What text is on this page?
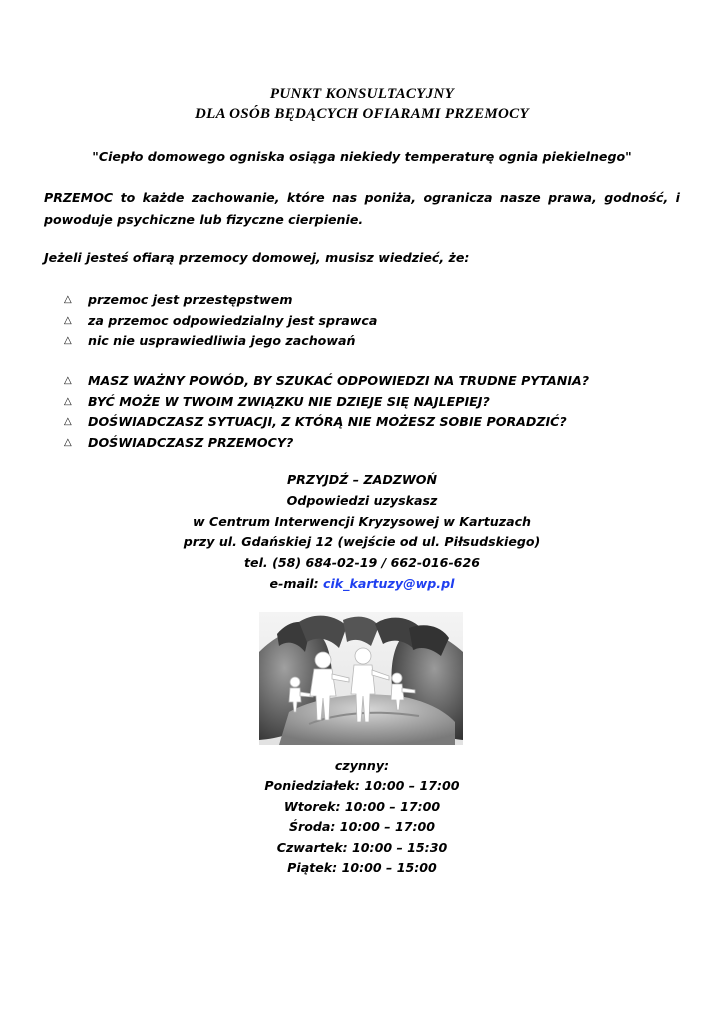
PUNKT KONSULTACYJNY
DLA OSÓB BĘDĄCYCH OFIARAMI PRZEMOCY
"Ciepło domowego ogniska osiąga niekiedy temperaturę ognia piekielnego"
PRZEMOC to każde zachowanie, które nas poniża, ogranicza nasze prawa, godność, i powoduje psychiczne lub fizyczne cierpienie.
Jeżeli jesteś ofiarą przemocy domowej, musisz wiedzieć, że:
△ przemoc jest przestępstwem
△ za przemoc odpowiedzialny jest sprawca
△ nic nie usprawiedliwia jego zachowań
△ MASZ WAŻNY POWÓD, BY SZUKAĆ ODPOWIEDZI NA TRUDNE PYTANIA?
△ BYĆ MOŻE W TWOIM ZWIĄZKU NIE DZIEJE SIĘ NAJLEPIEJ?
△ DOŚWIADCZASZ SYTUACJI, Z KTÓRĄ NIE MOŻESZ SOBIE PORADZIĆ?
△ DOŚWIADCZASZ PRZEMOCY?
PRZYJDŹ – ZADZWOŃ
Odpowiedzi uzyskasz
w Centrum Interwencji Kryzysowej w Kartuzach
przy ul. Gdańskiej 12 (wejście od ul. Piłsudskiego)
tel. (58) 684-02-19 / 662-016-626
e-mail: cik_kartuzy@wp.pl
czynny:
Poniedziałek: 10:00 – 17:00
Wtorek: 10:00 – 17:00
Środa: 10:00 – 17:00
Czwartek: 10:00 – 15:30
Piątek: 10:00 – 15:00
